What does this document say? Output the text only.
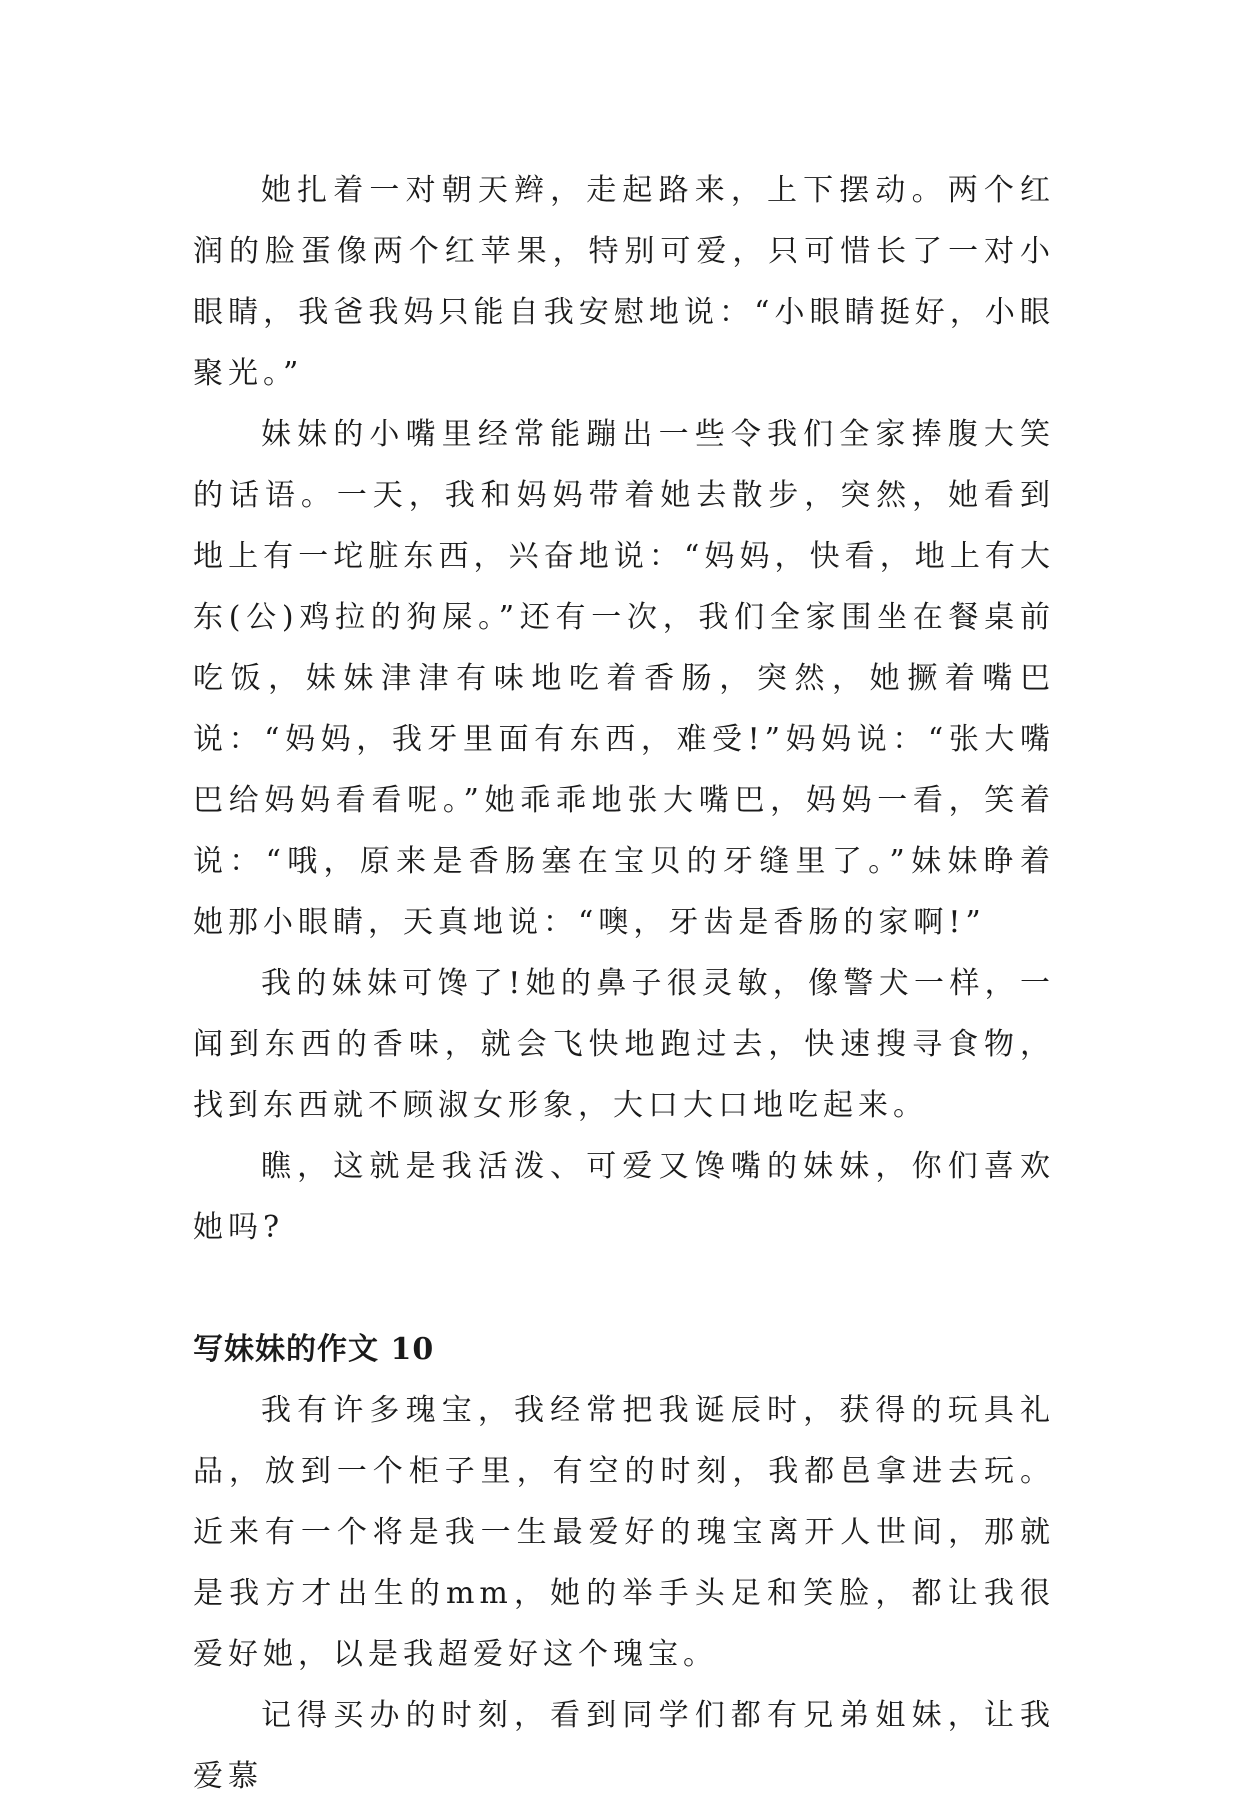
她扎着一对朝天辫，走起路来，上下摆动。两个红润的脸蛋像两个红苹果，特别可爱，只可惜长了一对小眼睛，我爸我妈只能自我安慰地说：“小眼睛挺好，小眼聚光。”

妹妹的小嘴里经常能蹦出一些令我们全家捧腹大笑的话语。一天，我和妈妈带着她去散步，突然，她看到地上有一坨脏东西，兴奋地说：“妈妈，快看，地上有大东(公)鸡拉的狗屎。”还有一次，我们全家围坐在餐桌前吃饭，妹妹津津有味地吃着香肠，突然，她撅着嘴巴说：“妈妈，我牙里面有东西，难受!”妈妈说：“张大嘴巴给妈妈看看呢。”她乖乖地张大嘴巴，妈妈一看，笑着说：“哦，原来是香肠塞在宝贝的牙缝里了。”妹妹睁着她那小眼睛，天真地说：“噢，牙齿是香肠的家啊!”

我的妹妹可馋了!她的鼻子很灵敏，像警犬一样，一闻到东西的香味，就会飞快地跑过去，快速搜寻食物，找到东西就不顾淑女形象，大口大口地吃起来。

瞧，这就是我活泼、可爱又馋嘴的妹妹，你们喜欢她吗?

写妹妹的作文 10

我有许多瑰宝，我经常把我诞辰时，获得的玩具礼品，放到一个柜子里，有空的时刻，我都邑拿进去玩。近来有一个将是我一生最爱好的瑰宝离开人世间，那就是我方才出生的mm，她的举手头足和笑脸，都让我很爱好她，以是我超爱好这个瑰宝。

记得买办的时刻，看到同学们都有兄弟姐妹，让我爱慕
